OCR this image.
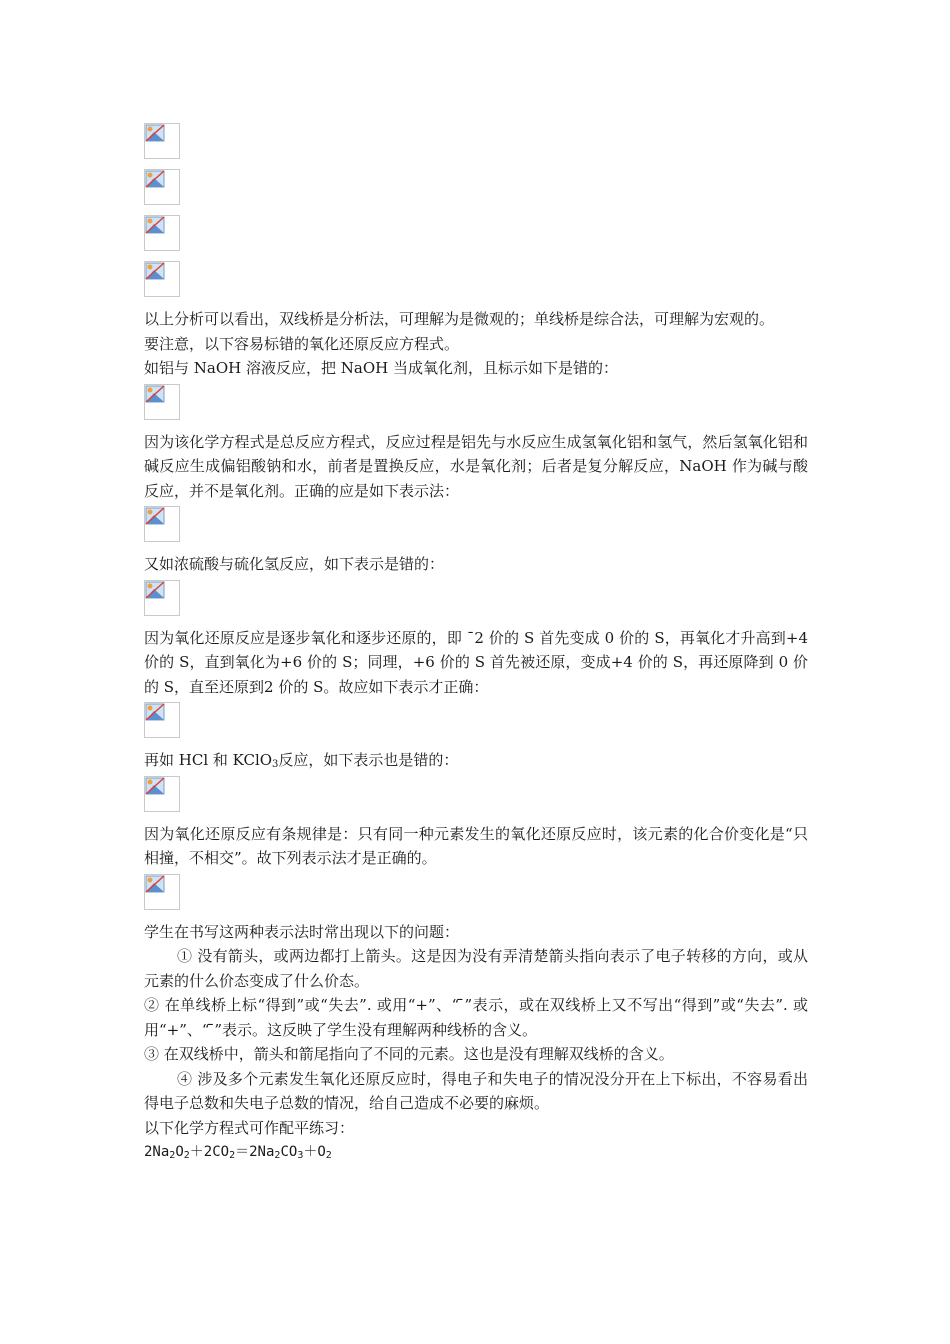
以上分析可以看出，双线桥是分析法，可理解为是微观的；单线桥是综合法，可理解为宏观的。

要注意，以下容易标错的氧化还原反应方程式。

如铝与 NaOH 溶液反应，把 NaOH 当成氧化剂，且标示如下是错的：

因为该化学方程式是总反应方程式，反应过程是铝先与水反应生成氢氧化铝和氢气，然后氢氧化铝和碱反应生成偏铝酸钠和水，前者是置换反应，水是氧化剂；后者是复分解反应，NaOH 作为碱与酸反应，并不是氧化剂。正确的应是如下表示法：

又如浓硫酸与硫化氢反应，如下表示是错的：

因为氧化还原反应是逐步氧化和逐步还原的，即 ¯2 价的 S 首先变成 0 价的 S，再氧化才升高到+4 价的 S，直到氧化为+6 价的 S；同理，+6 价的 S 首先被还原，变成+4 价的 S，再还原降到 0 价的 S，直至还原到2 价的 S。故应如下表示才正确：

再如 HCl 和 KClO$_3$反应，如下表示也是错的：

因为氧化还原反应有条规律是：只有同一种元素发生的氧化还原反应时，该元素的化合价变化是“只相撞，不相交”。故下列表示法才是正确的。

学生在书写这两种表示法时常出现以下的问题：

① 没有箭头，或两边都打上箭头。这是因为没有弄清楚箭头指向表示了电子转移的方向，或从元素的什么价态变成了什么价态。

② 在单线桥上标“得到”或“失去”. 或用“+”、“ ̄”表示，或在双线桥上又不写出“得到”或“失去”. 或用“+”、“ ̄”表示。这反映了学生没有理解两种线桥的含义。

③ 在双线桥中，箭头和箭尾指向了不同的元素。这也是没有理解双线桥的含义。

④ 涉及多个元素发生氧化还原反应时，得电子和失电子的情况没分开在上下标出，不容易看出得电子总数和失电子总数的情况，给自己造成不必要的麻烦。

以下化学方程式可作配平练习：

$2Na_2O_2+2CO_2=2Na_2CO_3+O_2$
